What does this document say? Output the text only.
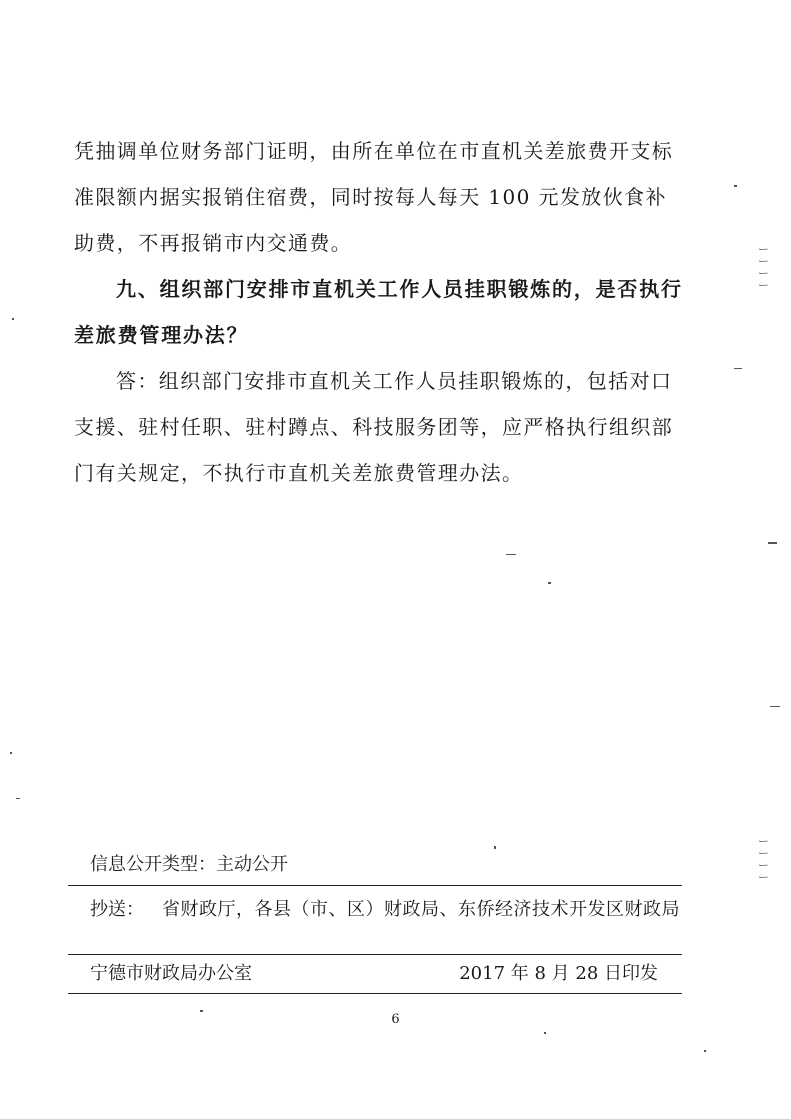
凭抽调单位财务部门证明，由所在单位在市直机关差旅费开支标准限额内据实报销住宿费，同时按每人每天 100 元发放伙食补助费，不再报销市内交通费。

九、组织部门安排市直机关工作人员挂职锻炼的，是否执行差旅费管理办法？

答：组织部门安排市直机关工作人员挂职锻炼的，包括对口支援、驻村任职、驻村蹲点、科技服务团等，应严格执行组织部门有关规定，不执行市直机关差旅费管理办法。

信息公开类型：主动公开
抄送：	省财政厅，各县（市、区）财政局、东侨经济技术开发区财政局
宁德市财政局办公室	2017 年 8 月 28 日印发
6
ー
ー
ー
ー
ー
ー
ー
ー
